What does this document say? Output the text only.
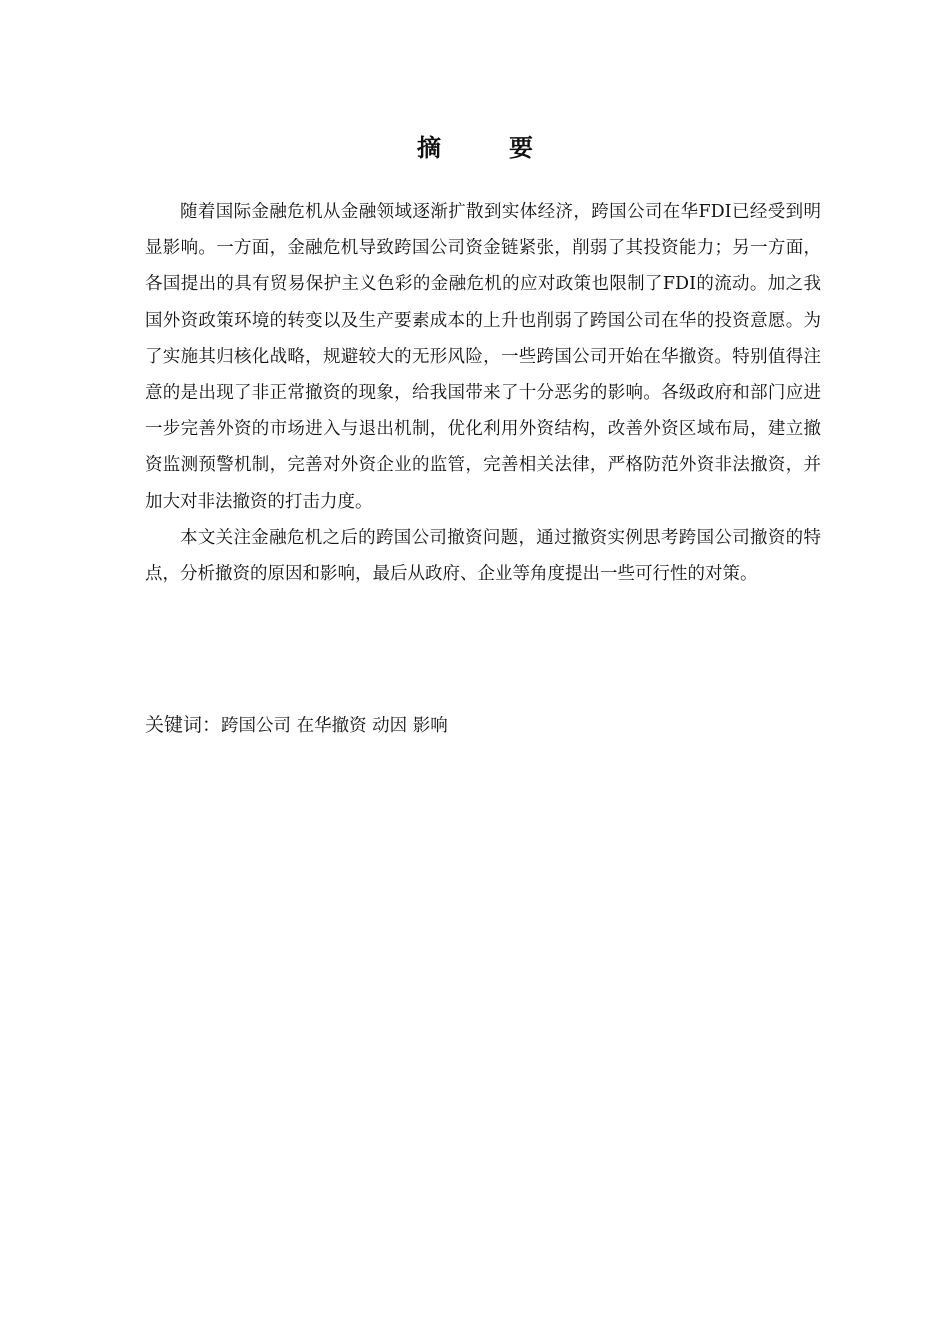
摘　要

随着国际金融危机从金融领域逐渐扩散到实体经济，跨国公司在华FDI已经受到明显影响。一方面，金融危机导致跨国公司资金链紧张，削弱了其投资能力；另一方面，各国提出的具有贸易保护主义色彩的金融危机的应对政策也限制了FDI的流动。加之我国外资政策环境的转变以及生产要素成本的上升也削弱了跨国公司在华的投资意愿。为了实施其归核化战略，规避较大的无形风险，一些跨国公司开始在华撤资。特别值得注意的是出现了非正常撤资的现象，给我国带来了十分恶劣的影响。各级政府和部门应进一步完善外资的市场进入与退出机制，优化利用外资结构，改善外资区域布局，建立撤资监测预警机制，完善对外资企业的监管，完善相关法律，严格防范外资非法撤资，并加大对非法撤资的打击力度。

本文关注金融危机之后的跨国公司撤资问题，通过撤资实例思考跨国公司撤资的特点，分析撤资的原因和影响，最后从政府、企业等角度提出一些可行性的对策。

关键词：跨国公司 在华撤资 动因 影响
